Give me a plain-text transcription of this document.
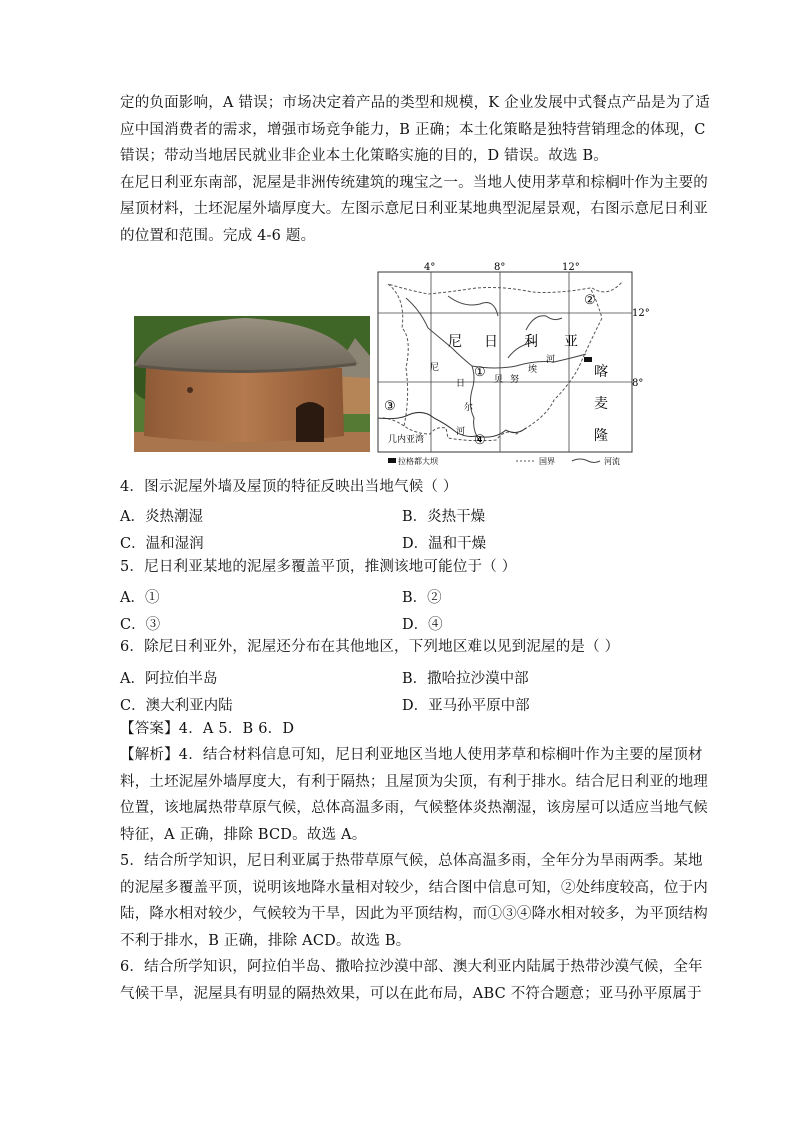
定的负面影响，A 错误；市场决定着产品的类型和规模，K 企业发展中式餐点产品是为了适
应中国消费者的需求，增强市场竞争能力，B 正确；本土化策略是独特营销理念的体现，C
错误；带动当地居民就业非企业本土化策略实施的目的，D 错误。故选 B。
在尼日利亚东南部，泥屋是非洲传统建筑的瑰宝之一。当地人使用茅草和棕榈叶作为主要的
屋顶材料，土坯泥屋外墙厚度大。左图示意尼日利亚某地典型泥屋景观，右图示意尼日利亚
的位置和范围。完成 4-6 题。
4°	8°	12°
12°
8°
尼 日 利 亚
尼
日
尔
河
贝 努
埃
河
喀
麦
隆
几内亚湾
①
②
③
④
拉格都大坝	国界	河流
4．图示泥屋外墙及屋顶的特征反映出当地气候（ ）
A．炎热潮湿	B．炎热干燥
C．温和湿润	D．温和干燥
5．尼日利亚某地的泥屋多覆盖平顶，推测该地可能位于（ ）
A．①	B．②
C．③	D．④
6．除尼日利亚外，泥屋还分布在其他地区，下列地区难以见到泥屋的是（ ）
A．阿拉伯半岛	B．撒哈拉沙漠中部
C．澳大利亚内陆	D．亚马孙平原中部
【答案】4．A 5．B 6．D
【解析】4．结合材料信息可知，尼日利亚地区当地人使用茅草和棕榈叶作为主要的屋顶材
料，土坯泥屋外墙厚度大，有利于隔热；且屋顶为尖顶，有利于排水。结合尼日利亚的地理
位置，该地属热带草原气候，总体高温多雨，气候整体炎热潮湿，该房屋可以适应当地气候
特征，A 正确，排除 BCD。故选 A。
5．结合所学知识，尼日利亚属于热带草原气候，总体高温多雨，全年分为旱雨两季。某地
的泥屋多覆盖平顶，说明该地降水量相对较少，结合图中信息可知，②处纬度较高，位于内
陆，降水相对较少，气候较为干旱，因此为平顶结构，而①③④降水相对较多，为平顶结构
不利于排水，B 正确，排除 ACD。故选 B。
6．结合所学知识，阿拉伯半岛、撒哈拉沙漠中部、澳大利亚内陆属于热带沙漠气候，全年
气候干旱，泥屋具有明显的隔热效果，可以在此布局，ABC 不符合题意；亚马孙平原属于
